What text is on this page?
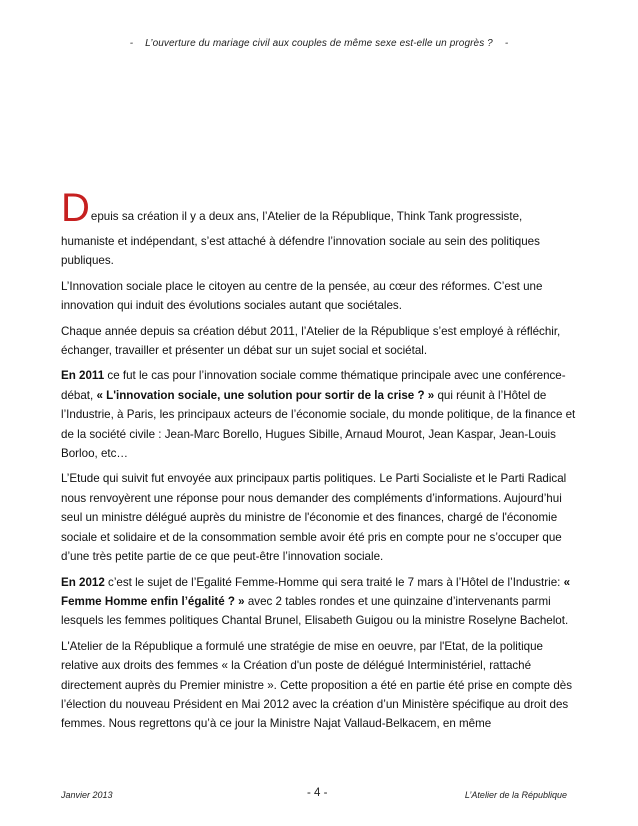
- L’ouverture du mariage civil aux couples de même sexe est-elle un progrès ? -

Depuis sa création il y a deux ans, l’Atelier de la République, Think Tank progressiste,

humaniste et indépendant, s’est attaché à défendre l’innovation sociale au sein des politiques publiques.

L’Innovation sociale place le citoyen au centre de la pensée, au cœur des réformes. C’est une innovation qui induit des évolutions sociales autant que sociétales.

Chaque année depuis sa création début 2011, l’Atelier de la République s’est employé à réfléchir, échanger, travailler et présenter un débat sur un sujet social et sociétal.

En 2011 ce fut le cas pour l’innovation sociale comme thématique principale avec une conférence-débat, « L'innovation sociale, une solution pour sortir de la crise ? » qui réunit à l’Hôtel de l’Industrie, à Paris, les principaux acteurs de l’économie sociale, du monde politique, de la finance et de la société civile : Jean-Marc Borello, Hugues Sibille, Arnaud Mourot, Jean Kaspar, Jean-Louis Borloo, etc…

L’Etude qui suivit fut envoyée aux principaux partis politiques. Le Parti Socialiste et le Parti Radical nous renvoyèrent une réponse pour nous demander des compléments d’informations. Aujourd’hui seul un ministre délégué auprès du ministre de l'économie et des finances, chargé de l'économie sociale et solidaire et de la consommation semble avoir été pris en compte pour ne s’occuper que d’une très petite partie de ce que peut-être l’innovation sociale.

En 2012 c’est le sujet de l’Egalité Femme-Homme qui sera traité le 7 mars à l’Hôtel de l’Industrie: « Femme Homme enfin l’égalité ? » avec 2 tables rondes et une quinzaine d’intervenants parmi lesquels les femmes politiques Chantal Brunel, Elisabeth Guigou ou la ministre Roselyne Bachelot.

L'Atelier de la République a formulé une stratégie de mise en oeuvre, par l'Etat, de la politique relative aux droits des femmes « la Création d'un poste de délégué Interministériel, rattaché directement auprès du Premier ministre ». Cette proposition a été en partie été prise en compte dès l’élection du nouveau Président en Mai 2012 avec la création d’un Ministère spécifique au droit des femmes. Nous regrettons qu’à ce jour la Ministre Najat Vallaud-Belkacem, en même

Janvier 2013	- 4 -	L’Atelier de la République
